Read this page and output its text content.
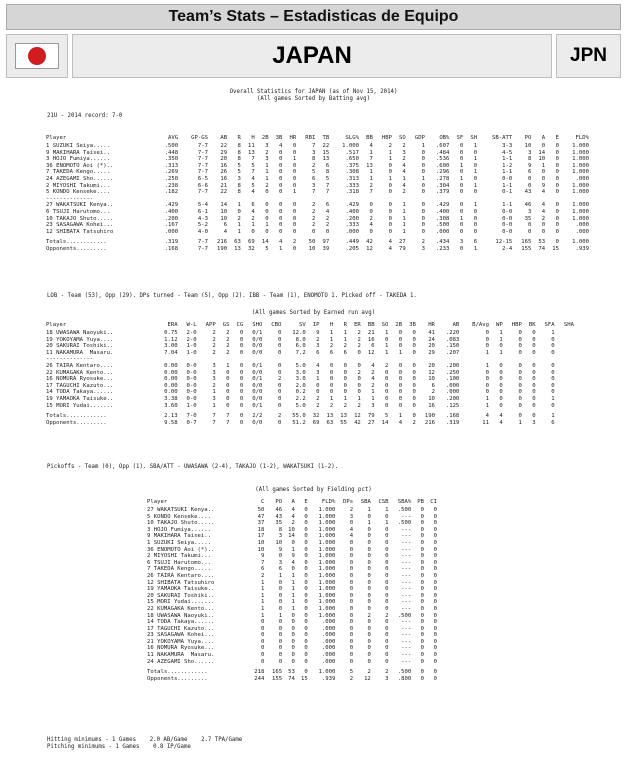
Team’s Stats – Estadisticas de Equipo
JAPAN	JPN
Overall Statistics for JAPAN (as of Nov 15, 2014)
(All games Sorted by Batting avg)
21U - 2014 record: 7-0
Player	AVG	GP-GS	AB	R	H	2B	3B	HR	RBI	TB	SLG%	BB	HBP	SO	GDP	OB%	SF	SH	SB-ATT	PO	A	E	FLD%
1 SUZUKI Seiya.....	.500	7-7	22	8	11	3	4	0	7	22	1.000	4	2	2	1	.607	0	1	3-3	10	0	0	1.000
9 MAKIHARA Taisei..	.448	7-7	29	8	13	2	0	0	3	15	.517	1	1	3	0	.484	0	0	4-5	3	14	0	1.000
3 HOJO Fumiya......	.350	7-7	20	8	7	3	0	1	8	13	.650	7	1	2	0	.536	0	1	1-1	8	10	0	1.000
36 ENOMOTO Aoi (*)..	.313	7-7	16	5	5	1	0	0	2	6	.375	13	0	4	0	.600	1	0	1-2	9	1	0	1.000
7 TAKEDA Kengo.....	.269	7-7	26	5	7	1	0	0	5	8	.308	1	0	4	0	.296	0	1	1-1	6	0	0	1.000
24 AZEGAMI Sho......	.250	6-5	16	3	4	1	0	0	6	5	.313	1	1	1	1	.278	1	0	0-0	0	0	0	.000
2 MIYOSHI Takumi...	.238	6-6	21	8	5	2	0	0	3	7	.333	2	0	4	0	.304	0	1	1-1	0	9	0	1.000
5 KONDO Kenseke....	.182	7-7	22	8	4	0	0	1	7	7	.318	7	0	2	0	.379	0	0	0-1	43	4	0	1.000
--------------																							
27 WAKATSUKI Kenya..	.429	5-4	14	1	6	0	0	0	2	6	.429	0	0	1	0	.429	0	1	1-1	46	4	0	1.000
6 TSUJI Harutomo...	.400	6-1	10	0	4	0	0	0	2	4	.400	0	0	1	0	.400	0	0	0-0	3	4	0	1.000
10 TAKAJO Shuto.....	.200	4-3	10	2	2	0	0	0	2	2	.200	2	0	1	0	.308	1	0	0-0	35	2	0	1.000
23 SASAGAWA Kohei...	.167	5-2	6	1	1	1	0	0	2	2	.333	4	0	1	0	.500	0	0	0-0	0	0	0	.000
12 SHIBATA Tatsuhiro	.000	4-0	4	1	0	0	0	0	0	0	.000	0	0	1	0	.000	0	0	0-0	0	0	0	.000

Totals............	.319	7-7	216	63	69	14	4	2	50	97	.449	42	4	27	2	.434	3	6	12-15	165	53	0	1.000
Opponents.........	.168	7-7	190	13	32	5	1	0	10	39	.205	12	4	79	3	.233	0	1	2-4	155	74	15	.939
LOB - Team (53), Opp (29). DPs turned - Team (5), Opp (2). IBB - Team (1), ENOMOTO 1. Picked off - TAKEDA 1.
(All games Sorted by Earned run avg)
Player	ERA	W-L	APP	GS	CG	SHO	CBO	SV	IP	H	R	ER	BB	SO	2B	3B	HR	AB	B/Avg	WP	HBP	BK	SFA	SHA
18 UWASAWA Naoyuki..	0.75	2-0	2	2	0	0/1	0	12.0	9	1	1	2	21	1	0	0	41	.220	0	1	0	0	1	
19 YOKOYAMA Yuya....	1.12	2-0	2	2	0	0/0	0	8.0	2	1	1	2	16	0	0	0	24	.083	0	1	0	0	0	
20 SAKURAI Toshiki..	3.00	1-0	2	2	0	0/0	0	6.0	3	2	2	2	6	1	0	0	20	.150	0	0	0	0	0	
11 NAKAMURA  Masaru.	7.04	1-0	2	2	0	0/0	0	7.2	6	6	6	0	12	1	1	0	29	.207	1	1	0	0	0	
--------------																								
26 TAIRA Kentaro....	0.00	0-0	3	1	0	0/1	0	5.0	4	0	0	0	4	2	0	0	20	.200	1	0	0	0	0	
22 KUMAGAKA Kento...	0.00	0-0	3	0	0	0/0	0	3.0	3	0	0	2	2	0	0	0	12	.250	0	0	0	0	0	
16 NOMURA Ryosuke...	0.00	0-0	3	0	0	0/1	2	3.0	1	0	0	0	4	0	0	0	10	.100	0	0	0	0	0	
17 TAGUCHI Kazuto...	0.00	0-0	2	0	0	0/0	0	2.0	0	0	0	0	2	0	0	0	6	.000	0	0	0	0	0	
14 TODA Takaya......	0.00	0-0	1	0	0	0/0	0	0.2	0	0	0	0	1	0	0	0	2	.000	0	0	0	0	0	
19 YAMAOKA Taisuke..	3.38	0-0	3	0	0	0/0	0	2.2	2	1	1	1	1	0	0	0	10	.200	1	0	0	0	1	
15 MORI Yudai.......	3.60	1-0	1	0	0	0/1	0	5.0	2	2	2	2	3	0	0	0	16	.125	1	0	0	0	0	

Totals............	2.13	7-0	7	7	0	2/2	2	55.0	32	13	13	12	79	5	1	0	190	.168	4	4	0	0	1	
Opponents.........	9.58	0-7	7	7	0	0/0	0	51.2	69	63	55	42	27	14	4	2	216	.319	11	4	1	3	6	
Pickoffs - Team (0), Opp (1). SBA/ATT - UWASAWA (2-4), TAKAJO (1-2), WAKATSUKI (1-2).
(All games Sorted by Fielding pct)
Player	C	PO	A	E	FLD%	DPs	SBA	CSB	SBA%	PB	CI
27 WAKATSUKI Kenya..	50	46	4	0	1.000	2	1	1	.500	0	0
5 KONDO Kenseke....	47	43	4	0	1.000	3	0	0	---	0	0
10 TAKAJO Shuto.....	37	35	2	0	1.000	0	1	1	.500	0	0
3 HOJO Fumiya......	18	8	10	0	1.000	4	0	0	---	0	0
9 MAKIHARA Taisei..	17	3	14	0	1.000	4	0	0	---	0	0
1 SUZUKI Seiya.....	10	10	0	0	1.000	0	0	0	---	0	0
36 ENOMOTO Aoi (*)..	10	9	1	0	1.000	0	0	0	---	0	0
2 MIYOSHI Takumi...	9	0	9	0	1.000	0	0	0	---	0	0
6 TSUJI Harutomo...	7	3	4	0	1.000	0	0	0	---	0	0
7 TAKEDA Kengo.....	6	6	0	0	1.000	0	0	0	---	0	0
26 TAIRA Kentaro....	2	1	1	0	1.000	0	0	0	---	0	0
12 SHIBATA Tatsuhiro	1	0	1	0	1.000	0	0	0	---	0	0
19 YAMAOKA Taisuke..	1	0	1	0	1.000	0	0	0	---	0	0
20 SAKURAI Toshiki..	1	0	1	0	1.000	0	0	0	---	0	0
15 MORI Yudai.......	1	0	1	0	1.000	0	0	0	---	0	0
22 KUMAGAKA Kento...	1	0	1	0	1.000	0	0	0	---	0	0
18 UWASAWA Naoyuki..	1	1	0	0	1.000	0	2	2	.500	0	0
14 TODA Takaya......	0	0	0	0	.000	0	0	0	---	0	0
17 TAGUCHI Kazuto...	0	0	0	0	.000	0	0	0	---	0	0
23 SASAGAWA Kohei...	0	0	0	0	.000	0	0	0	---	0	0
21 YOKOYAMA Yuya....	0	0	0	0	.000	0	0	0	---	0	0
16 NOMURA Ryosuke...	0	0	0	0	.000	0	0	0	---	0	0
11 NAKAMURA  Masaru.	0	0	0	0	.000	0	0	0	---	0	0
24 AZEGAMI Sho......	0	0	0	0	.000	0	0	0	---	0	0

Totals............	218	165	53	0	1.000	5	2	2	.500	0	0
Opponents.........	244	155	74	15	.939	2	12	3	.800	0	0
Hitting minimums - 1 Games    2.0 AB/Game    2.7 TPA/Game
Pitching minimums - 1 Games    0.8 IP/Game
